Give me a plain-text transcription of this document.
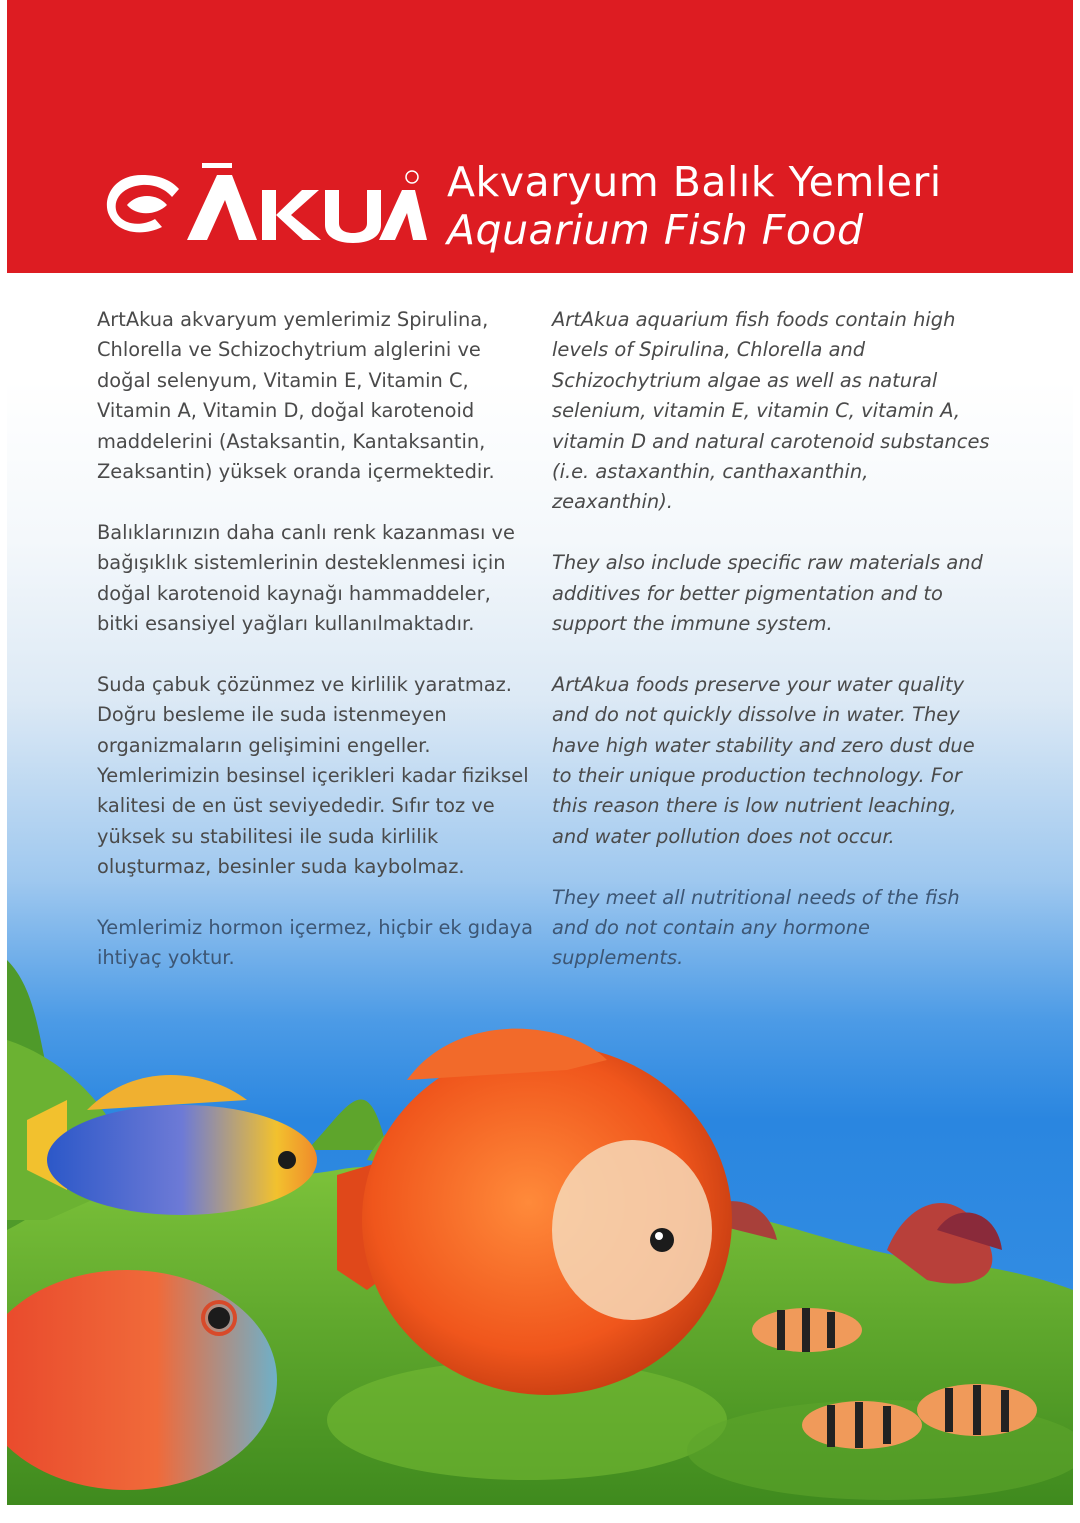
Akvaryum Balık Yemleri
Aquarium Fish Food

ArtAkua akvaryum yemlerimiz Spirulina, Chlorella ve Schizochytrium alglerini ve doğal selenyum, Vitamin E, Vitamin C, Vitamin A, Vitamin D, doğal karotenoid maddelerini (Astaksantin, Kantaksantin, Zeaksantin) yüksek oranda içermektedir.

Balıklarınızın daha canlı renk kazanması ve bağışıklık sistemlerinin desteklenmesi için doğal karotenoid kaynağı hammaddeler, bitki esansiyel yağları kullanılmaktadır.

Suda çabuk çözünmez ve kirlilik yaratmaz. Doğru besleme ile suda istenmeyen organizmaların gelişimini engeller. Yemlerimizin besinsel içerikleri kadar fiziksel kalitesi de en üst seviyededir. Sıfır toz ve yüksek su stabilitesi ile suda kirlilik oluşturmaz, besinler suda kaybolmaz.

Yemlerimiz hormon içermez, hiçbir ek gıdaya ihtiyaç yoktur.

ArtAkua aquarium fish foods contain high levels of Spirulina, Chlorella and Schizochytrium algae as well as natural selenium, vitamin E, vitamin C, vitamin A, vitamin D and natural carotenoid substances (i.e. astaxanthin, canthaxanthin, zeaxanthin).

They also include specific raw materials and additives for better pigmentation and to support the immune system.

ArtAkua foods preserve your water quality and do not quickly dissolve in water. They have high water stability and zero dust due to their unique production technology. For this reason there is low nutrient leaching, and water pollution does not occur.

They meet all nutritional needs of the fish and do not contain any hormone supplements.
